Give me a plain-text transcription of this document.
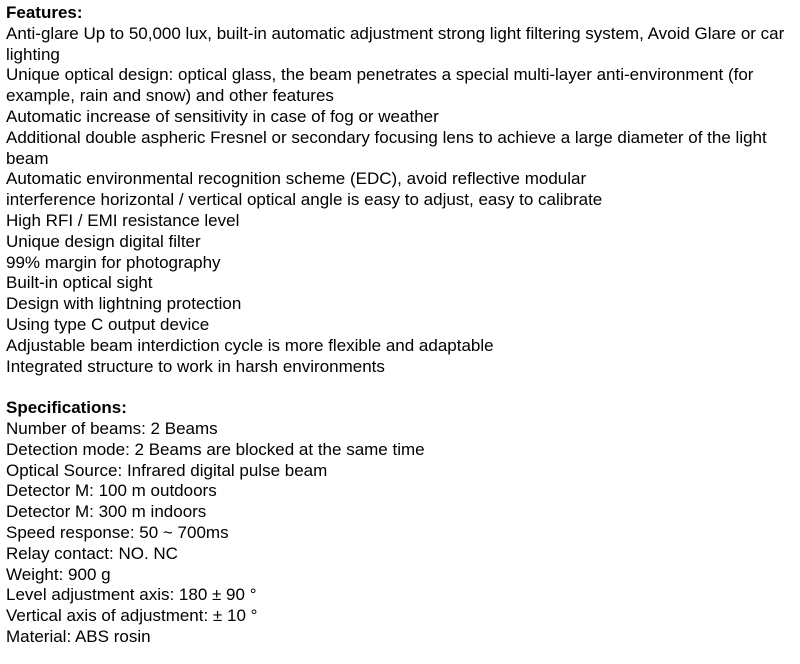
Features:

Anti-glare Up to 50,000 lux, built-in automatic adjustment strong light filtering system, Avoid Glare or car lighting

Unique optical design: optical glass, the beam penetrates a special multi-layer anti-environment (for example, rain and snow) and other features

Automatic increase of sensitivity in case of fog or weather

Additional double aspheric Fresnel or secondary focusing lens to achieve a large diameter of the light beam

Automatic environmental recognition scheme (EDC), avoid reflective modular

interference horizontal / vertical optical angle is easy to adjust, easy to calibrate

High RFI / EMI resistance level

Unique design digital filter

99% margin for photography

Built-in optical sight

Design with lightning protection

Using type C output device

Adjustable beam interdiction cycle is more flexible and adaptable

Integrated structure to work in harsh environments

Specifications:

Number of beams: 2 Beams

Detection mode: 2 Beams are blocked at the same time

Optical Source: Infrared digital pulse beam

Detector M: 100 m outdoors

Detector M: 300 m indoors

Speed response: 50 ~ 700ms

Relay contact: NO. NC

Weight: 900 g

Level adjustment axis: 180 ± 90 °

Vertical axis of adjustment: ± 10 °

Material: ABS rosin
